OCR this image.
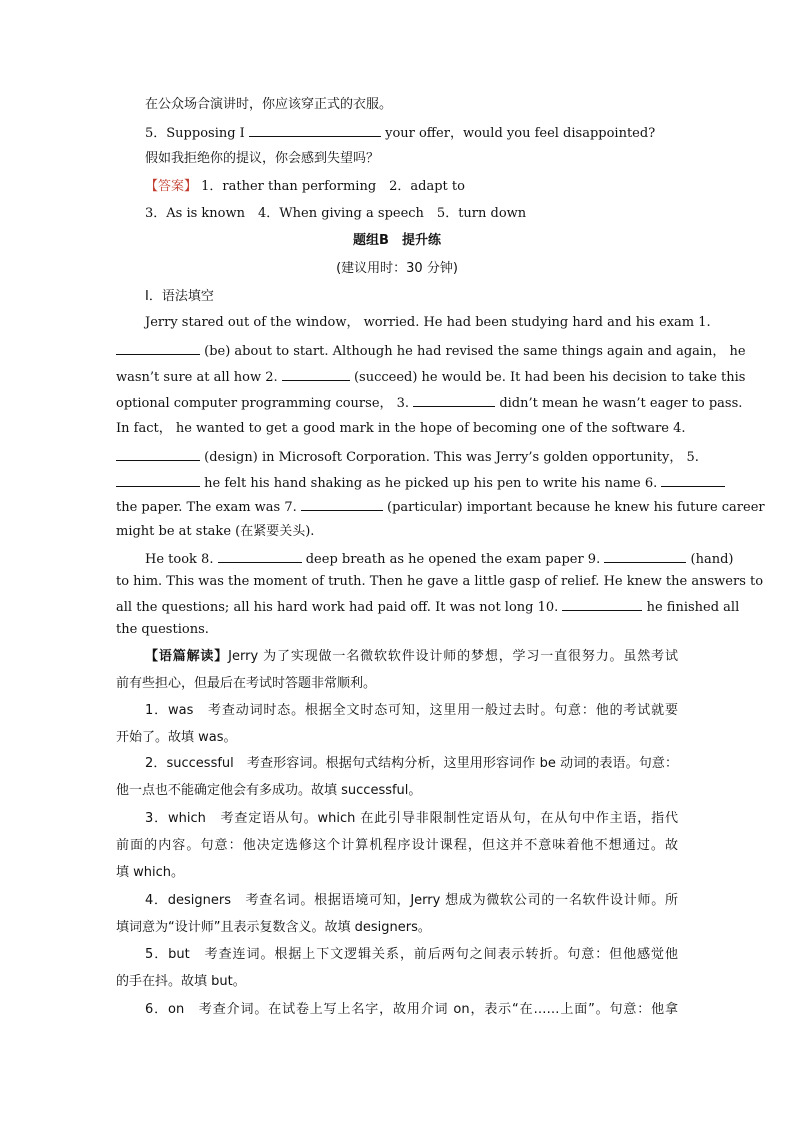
在公众场合演讲时，你应该穿正式的衣服。
5．Supposing I	your offer，would you feel disappointed?
假如我拒绝你的提议，你会感到失望吗？
【答案】 1．rather than performing　2．adapt to
3．As is known　4．When giving a speech　5．turn down
题组B　提升练
(建议用时：30 分钟)
Ⅰ．语法填空
Jerry stared out of the window， worried. He had been studying hard and his exam 1.
(be) about to start. Although he had revised the same things again and again， he
wasn’t sure at all how 2.	(succeed) he would be. It had been his decision to take this
optional computer programming course， 3.	didn’t mean he wasn’t eager to pass.
In fact， he wanted to get a good mark in the hope of becoming one of the software 4.
(design) in Microsoft Corporation. This was Jerry’s golden opportunity， 5.
he felt his hand shaking as he picked up his pen to write his name 6.
the paper. The exam was 7.	(particular) important because he knew his future career
might be at stake (在紧要关头).
He took 8.	deep breath as he opened the exam paper 9.	(hand)
to him. This was the moment of truth. Then he gave a little gasp of relief. He knew the answers to
all the questions; all his hard work had paid off. It was not long 10.	he finished all
the questions.
【语篇解读】Jerry 为了实现做一名微软软件设计师的梦想，学习一直很努力。虽然考试
前有些担心，但最后在考试时答题非常顺利。
1．was　考查动词时态。根据全文时态可知，这里用一般过去时。句意：他的考试就要
开始了。故填 was。
2．successful　考查形容词。根据句式结构分析，这里用形容词作 be 动词的表语。句意：
他一点也不能确定他会有多成功。故填 successful。
3．which　考查定语从句。which 在此引导非限制性定语从句，在从句中作主语，指代
前面的内容。句意：他决定选修这个计算机程序设计课程，但这并不意味着他不想通过。故
填 which。
4．designers　考查名词。根据语境可知，Jerry 想成为微软公司的一名软件设计师。所
填词意为“设计师”且表示复数含义。故填 designers。
5．but　考查连词。根据上下文逻辑关系，前后两句之间表示转折。句意：但他感觉他
的手在抖。故填 but。
6．on　考查介词。在试卷上写上名字，故用介词 on，表示“在……上面”。句意：他拿
